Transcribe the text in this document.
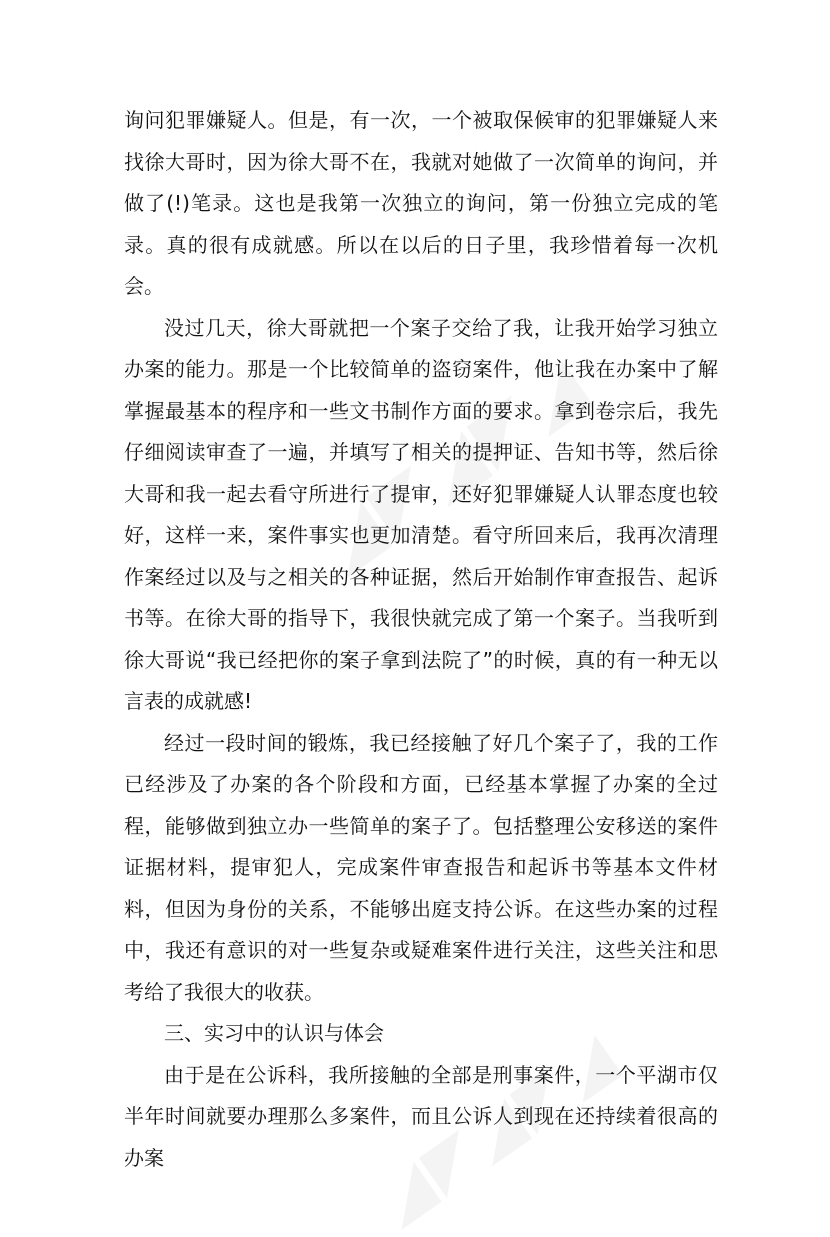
询问犯罪嫌疑人。但是，有一次，一个被取保候审的犯罪嫌疑人来找徐大哥时，因为徐大哥不在，我就对她做了一次简单的询问，并做了(!)笔录。这也是我第一次独立的询问，第一份独立完成的笔录。真的很有成就感。所以在以后的日子里，我珍惜着每一次机会。

没过几天，徐大哥就把一个案子交给了我，让我开始学习独立办案的能力。那是一个比较简单的盗窃案件，他让我在办案中了解掌握最基本的程序和一些文书制作方面的要求。拿到卷宗后，我先仔细阅读审查了一遍，并填写了相关的提押证、告知书等，然后徐大哥和我一起去看守所进行了提审，还好犯罪嫌疑人认罪态度也较好，这样一来，案件事实也更加清楚。看守所回来后，我再次清理作案经过以及与之相关的各种证据，然后开始制作审查报告、起诉书等。在徐大哥的指导下，我很快就完成了第一个案子。当我听到徐大哥说“我已经把你的案子拿到法院了”的时候，真的有一种无以言表的成就感!

经过一段时间的锻炼，我已经接触了好几个案子了，我的工作已经涉及了办案的各个阶段和方面，已经基本掌握了办案的全过程，能够做到独立办一些简单的案子了。包括整理公安移送的案件证据材料，提审犯人，完成案件审查报告和起诉书等基本文件材料，但因为身份的关系，不能够出庭支持公诉。在这些办案的过程中，我还有意识的对一些复杂或疑难案件进行关注，这些关注和思考给了我很大的收获。

三、实习中的认识与体会

由于是在公诉科，我所接触的全部是刑事案件，一个平湖市仅半年时间就要办理那么多案件，而且公诉人到现在还持续着很高的办案
